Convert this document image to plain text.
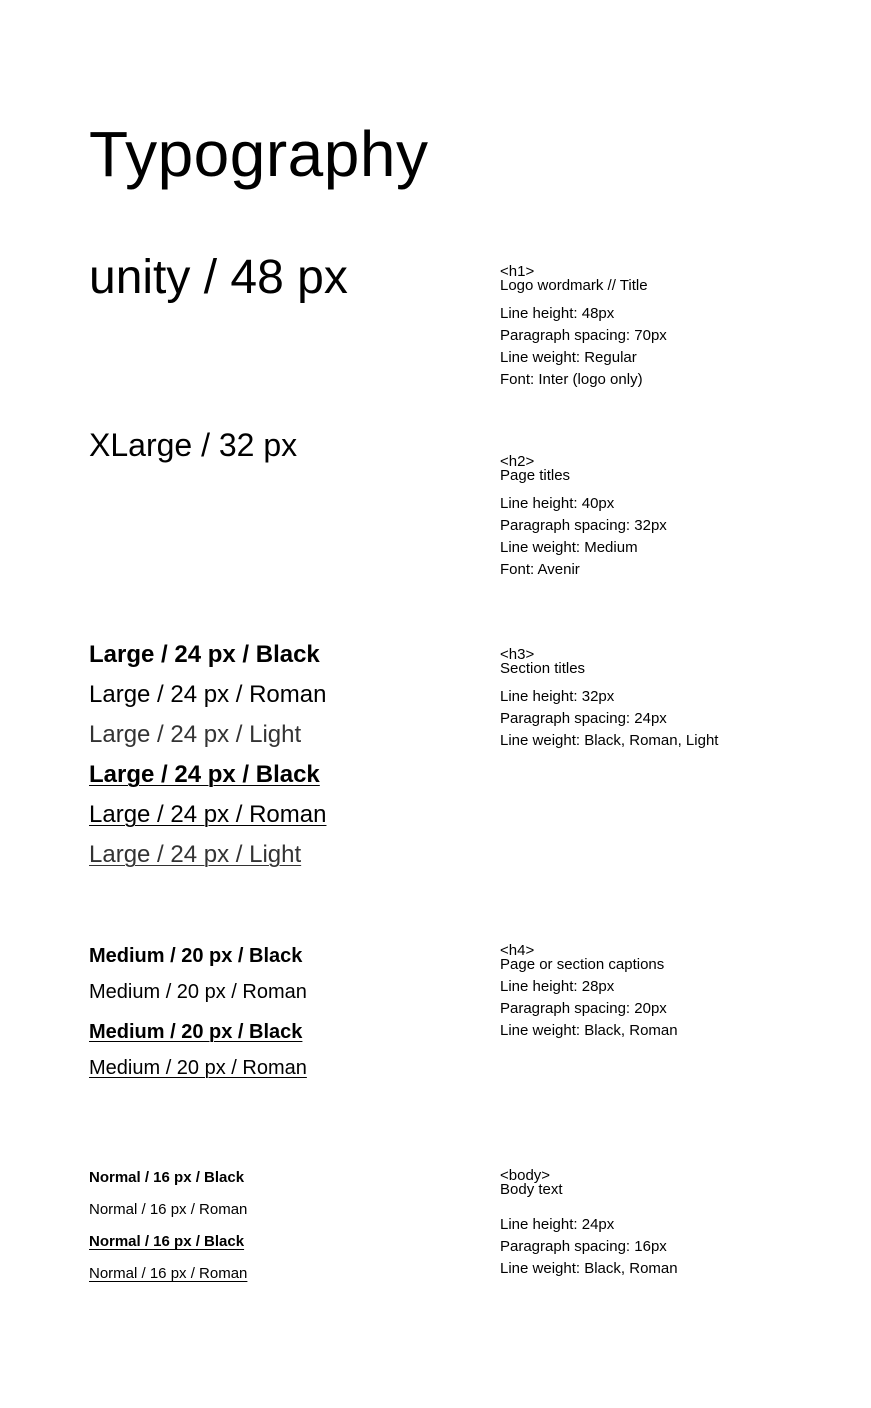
Typography
unity / 48 px
XLarge / 32 px
Large / 24 px / Black
Large / 24 px / Roman
Large / 24 px / Light
Large / 24 px / Black
Large / 24 px / Roman
Large / 24 px / Light
Medium / 20 px / Black
Medium / 20 px / Roman
Medium / 20 px / Black
Medium / 20 px / Roman
Normal / 16 px / Black
Normal / 16 px / Roman
Normal / 16 px / Black
Normal / 16 px / Roman
<h1>
Logo wordmark // Title
Line height: 48px
Paragraph spacing: 70px
Line weight: Regular
Font: Inter (logo only)
<h2>
Page titles
Line height: 40px
Paragraph spacing: 32px
Line weight: Medium
Font: Avenir
<h3>
Section titles
Line height: 32px
Paragraph spacing: 24px
Line weight: Black, Roman, Light
<h4>
Page or section captions
Line height: 28px
Paragraph spacing: 20px
Line weight: Black, Roman
<body>
Body text
Line height: 24px
Paragraph spacing: 16px
Line weight: Black, Roman
